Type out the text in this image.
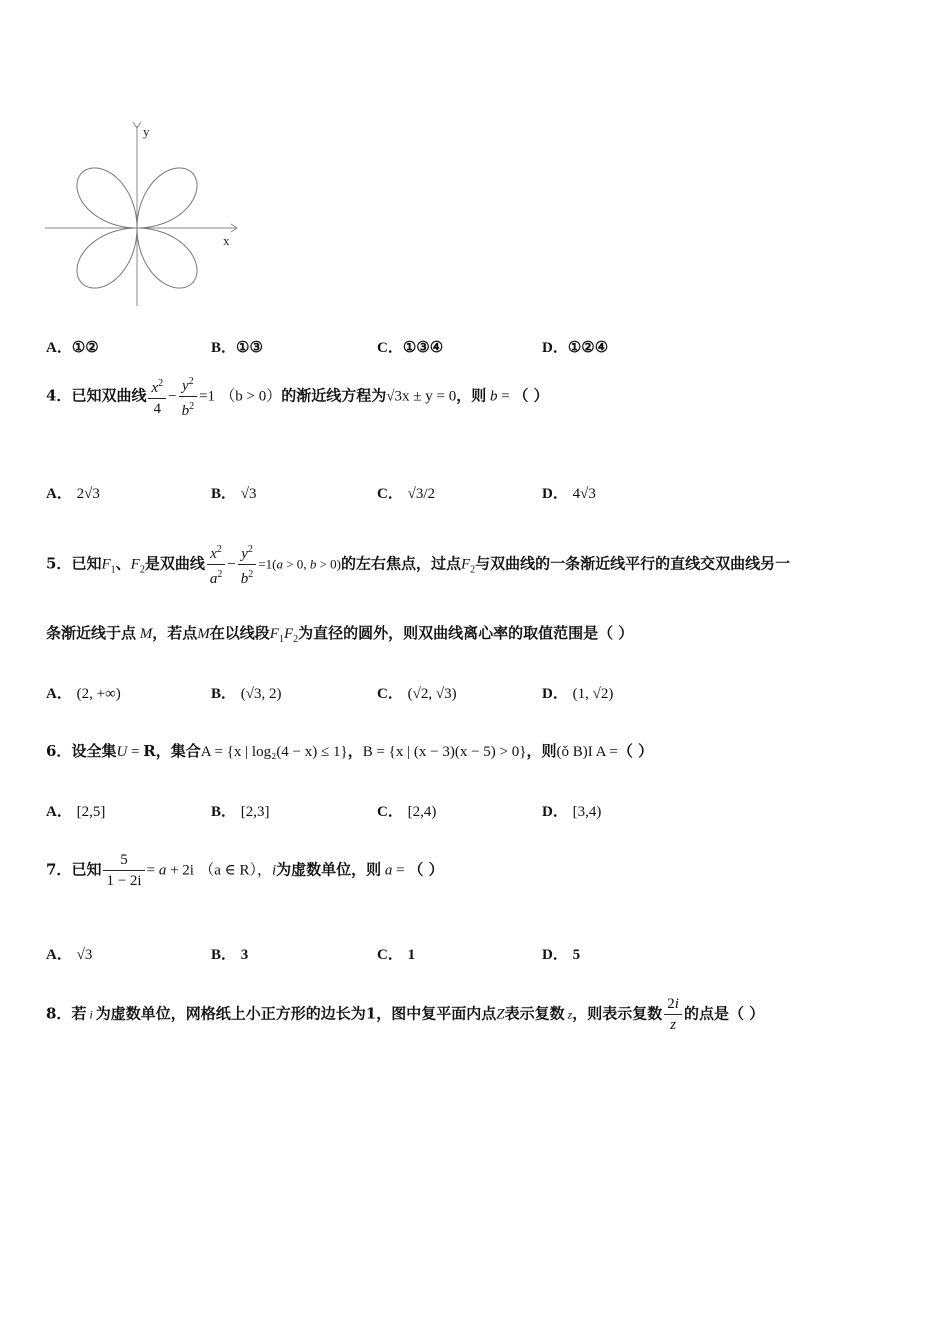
y
x
A．①②	B．①③	C．①③④	D．①②④
4．已知双曲线 $\frac{x^2}{4} - \frac{y^2}{b^2} =1$ （b > 0）的渐近线方程为√3x ± y = 0，则 b = （ ）
A． 2√3	B． √3	C． √3/2	D． 4√3
5．已知$F_1$、$F_2$是双曲线 $\frac{x^2}{a^2} - \frac{y^2}{b^2} =1(a > 0$, b > 0)的左右焦点，过点$F_2$与双曲线的一条渐近线平行的直线交双曲线另一
条渐近线于点 M，若点M在以线段$F_1F_2$为直径的圆外，则双曲线离心率的取值范围是（ ）
A． (2, +∞)	B． (√3, 2)	C． (√2, √3)	D． (1, √2)
6．设全集U = R，集合A = {x | log₂(4 − x) ≤ 1}，B = {x | (x − 3)(x − 5) > 0}，则(ǒ B)I A =（ ）
A． [2,5]	B． [2,3]	C． [2,4)	D． [3,4)
7．已知 $\frac{5}{1 - 2i} = a + 2i$ （a ∈ R），i为虚数单位，则 a = （ ）
A． √3	B． 3	C． 1	D． 5
8．若 i 为虚数单位，网格纸上小正方形的边长为1，图中复平面内点Z表示复数 z，则表示复数 $\frac{2i}{z}$ 的点是（ ）
